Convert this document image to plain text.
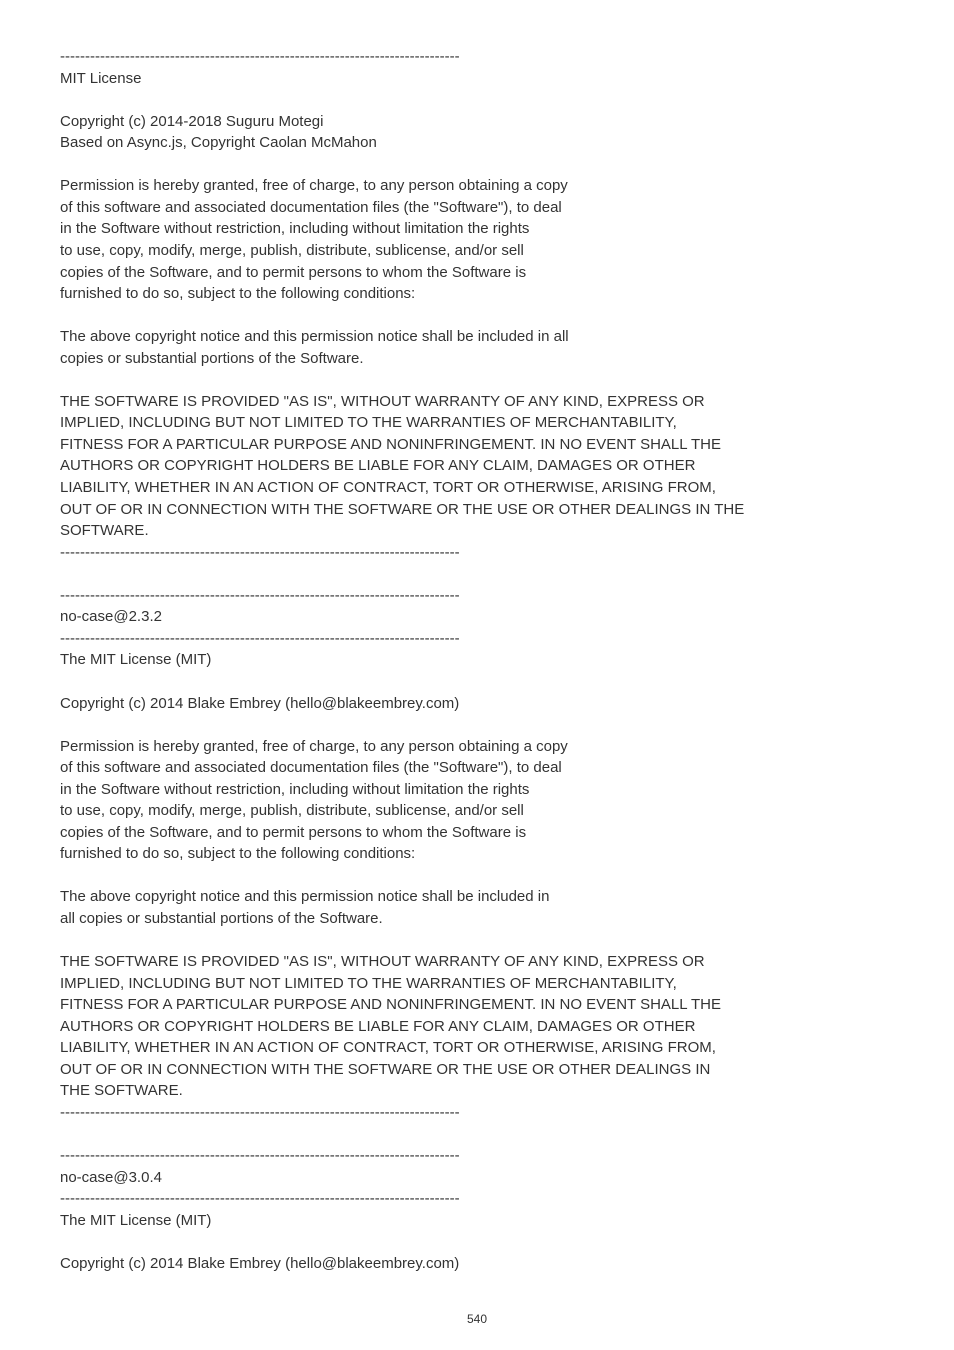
--------------------------------------------------------------------------------
MIT License
Copyright (c) 2014-2018 Suguru Motegi
Based on Async.js, Copyright Caolan McMahon
Permission is hereby granted, free of charge, to any person obtaining a copy
of this software and associated documentation files (the "Software"), to deal
in the Software without restriction, including without limitation the rights
to use, copy, modify, merge, publish, distribute, sublicense, and/or sell
copies of the Software, and to permit persons to whom the Software is
furnished to do so, subject to the following conditions:
The above copyright notice and this permission notice shall be included in all
copies or substantial portions of the Software.
THE SOFTWARE IS PROVIDED "AS IS", WITHOUT WARRANTY OF ANY KIND, EXPRESS OR
IMPLIED, INCLUDING BUT NOT LIMITED TO THE WARRANTIES OF MERCHANTABILITY,
FITNESS FOR A PARTICULAR PURPOSE AND NONINFRINGEMENT. IN NO EVENT SHALL THE
AUTHORS OR COPYRIGHT HOLDERS BE LIABLE FOR ANY CLAIM, DAMAGES OR OTHER
LIABILITY, WHETHER IN AN ACTION OF CONTRACT, TORT OR OTHERWISE, ARISING FROM,
OUT OF OR IN CONNECTION WITH THE SOFTWARE OR THE USE OR OTHER DEALINGS IN THE
SOFTWARE.
--------------------------------------------------------------------------------
--------------------------------------------------------------------------------
no-case@2.3.2
--------------------------------------------------------------------------------
The MIT License (MIT)
Copyright (c) 2014 Blake Embrey (hello@blakeembrey.com)
Permission is hereby granted, free of charge, to any person obtaining a copy
of this software and associated documentation files (the "Software"), to deal
in the Software without restriction, including without limitation the rights
to use, copy, modify, merge, publish, distribute, sublicense, and/or sell
copies of the Software, and to permit persons to whom the Software is
furnished to do so, subject to the following conditions:
The above copyright notice and this permission notice shall be included in
all copies or substantial portions of the Software.
THE SOFTWARE IS PROVIDED "AS IS", WITHOUT WARRANTY OF ANY KIND, EXPRESS OR
IMPLIED, INCLUDING BUT NOT LIMITED TO THE WARRANTIES OF MERCHANTABILITY,
FITNESS FOR A PARTICULAR PURPOSE AND NONINFRINGEMENT. IN NO EVENT SHALL THE
AUTHORS OR COPYRIGHT HOLDERS BE LIABLE FOR ANY CLAIM, DAMAGES OR OTHER
LIABILITY, WHETHER IN AN ACTION OF CONTRACT, TORT OR OTHERWISE, ARISING FROM,
OUT OF OR IN CONNECTION WITH THE SOFTWARE OR THE USE OR OTHER DEALINGS IN
THE SOFTWARE.
--------------------------------------------------------------------------------
--------------------------------------------------------------------------------
no-case@3.0.4
--------------------------------------------------------------------------------
The MIT License (MIT)
Copyright (c) 2014 Blake Embrey (hello@blakeembrey.com)
540
